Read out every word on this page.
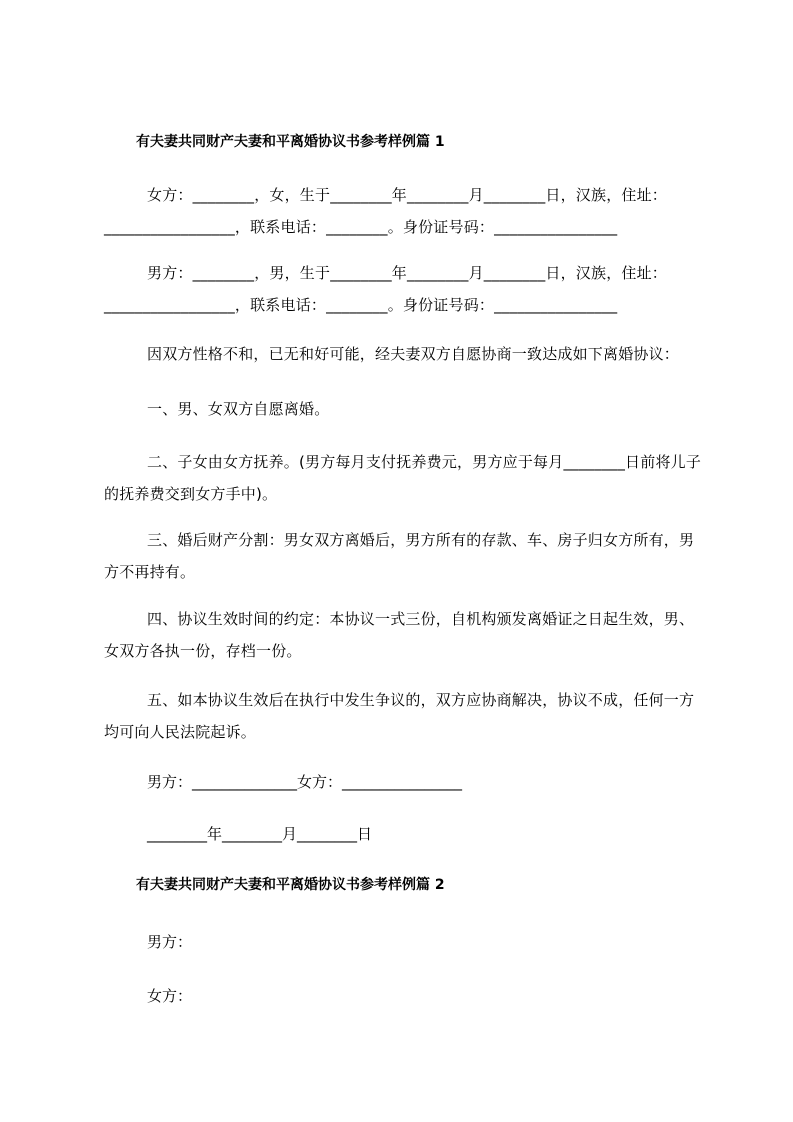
有夫妻共同财产夫妻和平离婚协议书参考样例篇 1
女方：________，女，生于________年________月________日，汉族，住址：_________________，联系电话：________。身份证号码：________________
男方：________，男，生于________年________月________日，汉族，住址：_________________，联系电话：________。身份证号码：________________
因双方性格不和，已无和好可能，经夫妻双方自愿协商一致达成如下离婚协议：
一、男、女双方自愿离婚。
二、子女由女方抚养。(男方每月支付抚养费元，男方应于每月________日前将儿子的抚养费交到女方手中)。
三、婚后财产分割：男女双方离婚后，男方所有的存款、车、房子归女方所有，男方不再持有。
四、协议生效时间的约定：本协议一式三份，自机构颁发离婚证之日起生效，男、女双方各执一份，存档一份。
五、如本协议生效后在执行中发生争议的，双方应协商解决，协议不成，任何一方均可向人民法院起诉。
男方：______________女方：________________
________年________月________日
有夫妻共同财产夫妻和平离婚协议书参考样例篇 2
男方：
女方：
